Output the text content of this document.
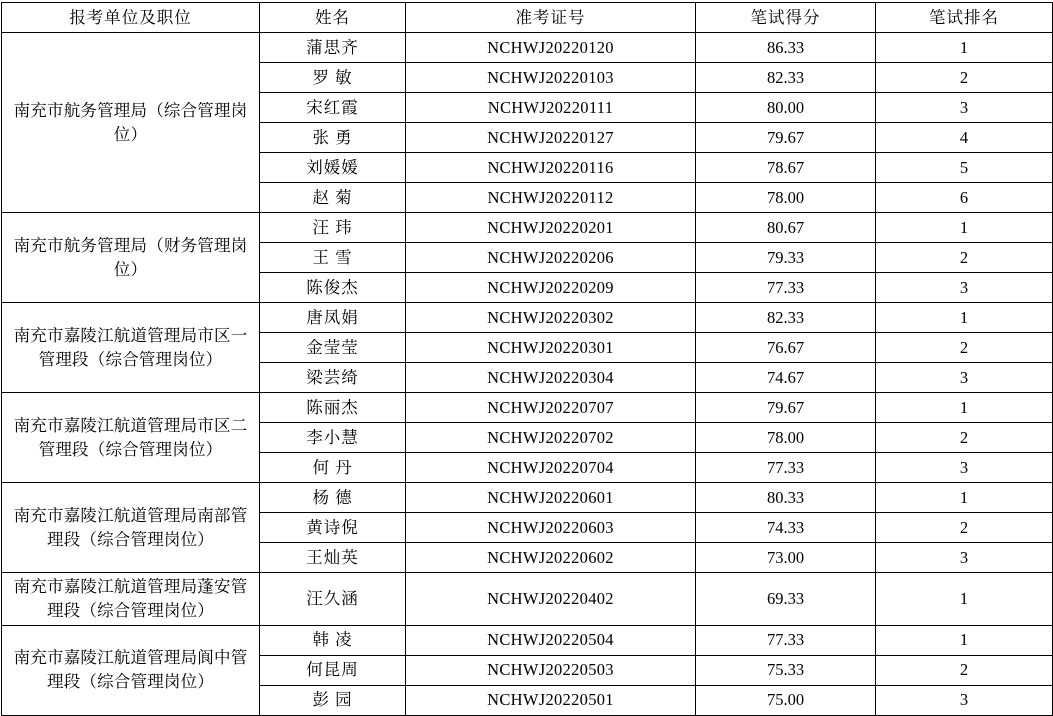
报考单位及职位	姓名	准考证号	笔试得分	笔试排名
南充市航务管理局（综合管理岗位）	蒲思齐	NCHWJ20220120	86.33	1
	罗 敏	NCHWJ20220103	82.33	2
	宋红霞	NCHWJ20220111	80.00	3
	张 勇	NCHWJ20220127	79.67	4
	刘媛媛	NCHWJ20220116	78.67	5
	赵 菊	NCHWJ20220112	78.00	6
南充市航务管理局（财务管理岗位）	汪 玮	NCHWJ20220201	80.67	1
	王 雪	NCHWJ20220206	79.33	2
	陈俊杰	NCHWJ20220209	77.33	3
南充市嘉陵江航道管理局市区一管理段（综合管理岗位）	唐凤娟	NCHWJ20220302	82.33	1
	金莹莹	NCHWJ20220301	76.67	2
	梁芸绮	NCHWJ20220304	74.67	3
南充市嘉陵江航道管理局市区二管理段（综合管理岗位）	陈丽杰	NCHWJ20220707	79.67	1
	李小慧	NCHWJ20220702	78.00	2
	何 丹	NCHWJ20220704	77.33	3
南充市嘉陵江航道管理局南部管理段（综合管理岗位）	杨 德	NCHWJ20220601	80.33	1
	黄诗倪	NCHWJ20220603	74.33	2
	王灿英	NCHWJ20220602	73.00	3
南充市嘉陵江航道管理局蓬安管理段（综合管理岗位）	汪久涵	NCHWJ20220402	69.33	1
南充市嘉陵江航道管理局阆中管理段（综合管理岗位）	韩 凌	NCHWJ20220504	77.33	1
	何昆周	NCHWJ20220503	75.33	2
	彭 园	NCHWJ20220501	75.00	3
